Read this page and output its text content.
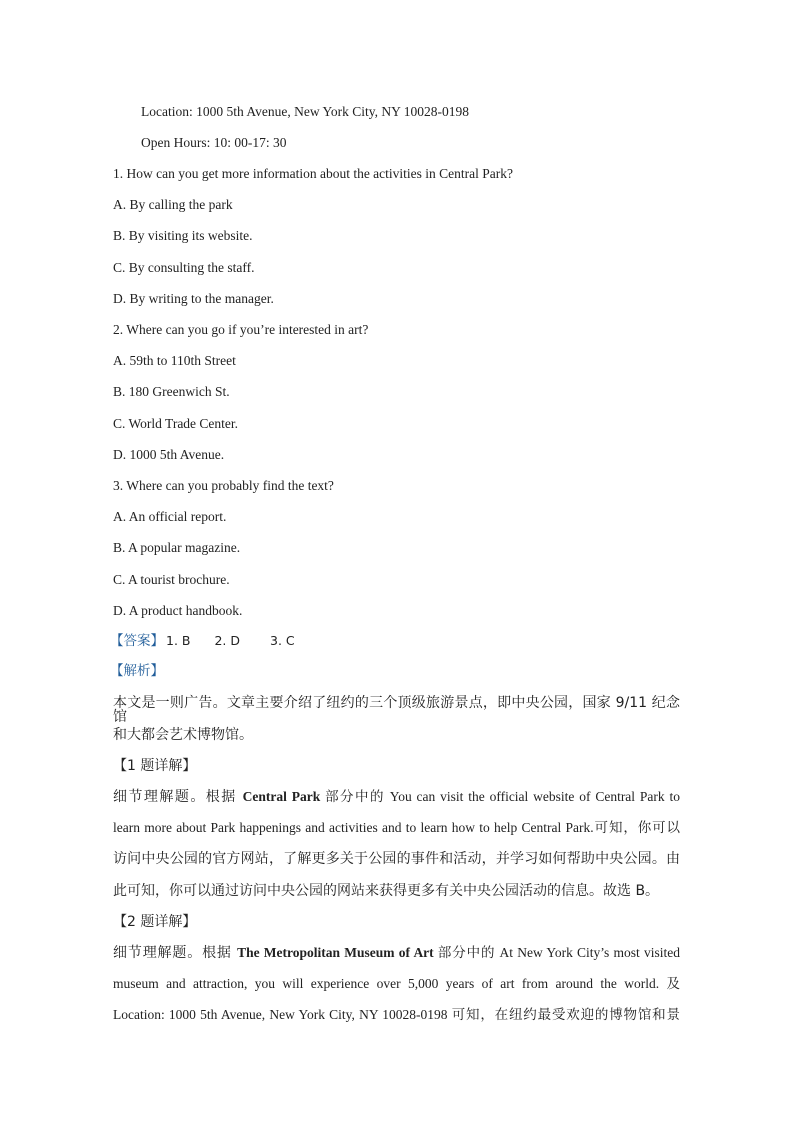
Location: 1000 5th Avenue, New York City, NY 10028-0198
Open Hours: 10: 00-17: 30
1. How can you get more information about the activities in Central Park?
A. By calling the park
B. By visiting its website.
C. By consulting the staff.
D. By writing to the manager.
2. Where can you go if you’re interested in art?
A. 59th to 110th Street
B. 180 Greenwich St.
C. World Trade Center.
D. 1000 5th Avenue.
3. Where can you probably find the text?
A. An official report.
B. A popular magazine.
C. A tourist brochure.
D. A product handbook.
【答案】 1. B 2. D 3. C
【解析】
本文是一则广告。文章主要介绍了纽约的三个顶级旅游景点，即中央公园，国家 9/11 纪念馆
和大都会艺术博物馆。
【1 题详解】
细节理解题。根据 Central Park 部分中的 You can visit the official website of Central Park to
learn more about Park happenings and activities and to learn how to help Central Park.可知，你可以
访问中央公园的官方网站，了解更多关于公园的事件和活动，并学习如何帮助中央公园。由
此可知，你可以通过访问中央公园的网站来获得更多有关中央公园活动的信息。故选 B。
【2 题详解】
细节理解题。根据 The Metropolitan Museum of Art 部分中的 At New York City’s most visited
museum and attraction, you will experience over 5,000 years of art from around the world. 及
Location: 1000 5th Avenue, New York City, NY 10028-0198 可知，在纽约最受欢迎的博物馆和景
